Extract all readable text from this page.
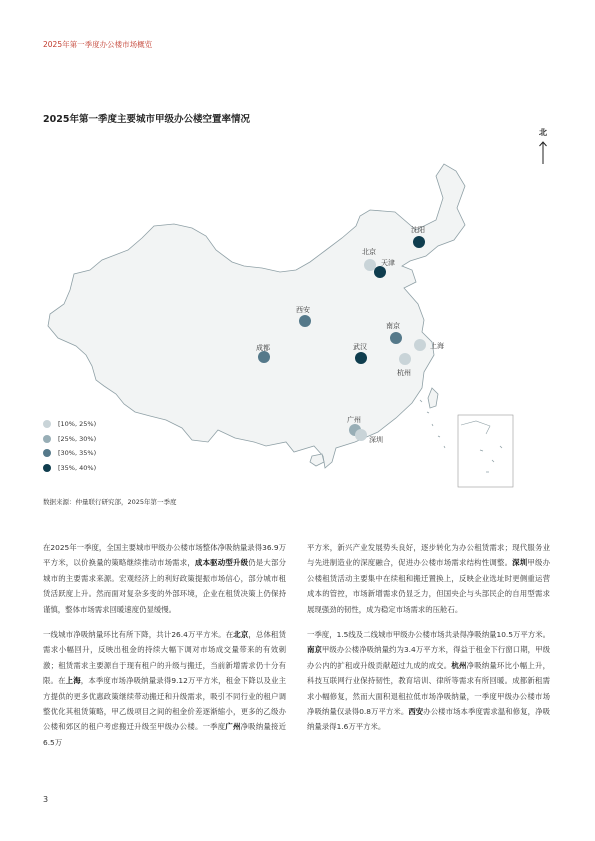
2025年第一季度办公楼市场概览
2025年第一季度主要城市甲级办公楼空置率情况
北
沈阳
北京
天津
西安
南京
上海
成都	武汉
杭州
广州
深圳
[10%, 25%)
[25%, 30%)
[30%, 35%)
[35%, 40%)
数据来源：仲量联行研究部，2025年第一季度

在2025年一季度，全国主要城市甲级办公楼市场整体净吸纳量录得36.9万平方米，以价换量的策略继续推动市场需求，成本驱动型升级仍是大部分城市的主要需求来源。宏观经济上的利好政策提振市场信心，部分城市租赁活跃度上升。然而面对复杂多变的外部环境，企业在租赁决策上仍保持谨慎，整体市场需求回暖速度仍显缓慢。

一线城市净吸纳量环比有所下降，共计26.4万平方米。在北京，总体租赁需求小幅回升，反映出租金的持续大幅下调对市场成交量带来的有效刺激；租赁需求主要源自于现有租户的升级与搬迁，当前新增需求仍十分有限。在上海，本季度市场净吸纳量录得9.12万平方米，租金下降以及业主方提供的更多优惠政策继续带动搬迁和升级需求，吸引不同行业的租户调整优化其租赁策略，甲乙级项目之间的租金价差逐渐缩小，更多的乙级办公楼和郊区的租户考虑搬迁升级至甲级办公楼。一季度广州净吸纳量接近6.5万

平方米，新兴产业发展势头良好，逐步转化为办公租赁需求；现代服务业与先进制造业的深度融合，促进办公楼市场需求结构性调整。深圳甲级办公楼租赁活动主要集中在续租和搬迁置换上，反映企业选址时更侧重运营成本的管控，市场新增需求仍显乏力，但国央企与头部民企的自用型需求展现强劲的韧性，成为稳定市场需求的压舱石。

一季度，1.5线及二线城市甲级办公楼市场共录得净吸纳量10.5万平方米。南京甲级办公楼净吸纳量约为3.4万平方米，得益于租金下行窗口期，甲级办公内的扩租或升级贡献超过九成的成交。杭州净吸纳量环比小幅上升，科技互联网行业保持韧性，教育培训、律所等需求有所回暖。成都新租需求小幅修复，然而大面积退租拉低市场净吸纳量，一季度甲级办公楼市场净吸纳量仅录得0.8万平方米。西安办公楼市场本季度需求温和修复，净吸纳量录得1.6万平方米。

3
